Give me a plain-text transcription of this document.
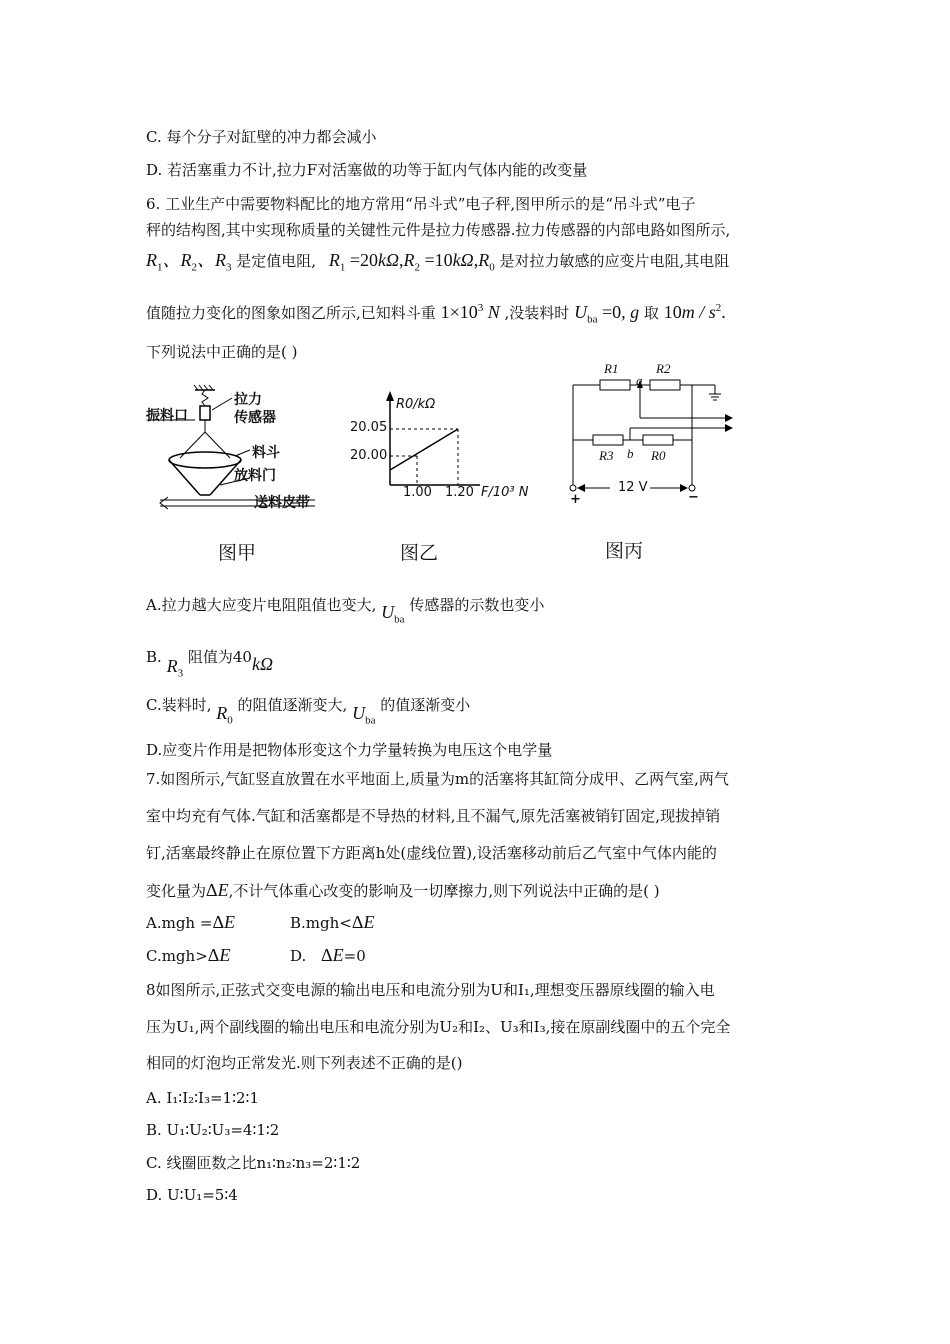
C. 每个分子对缸壁的冲力都会减小
D. 若活塞重力不计,拉力F对活塞做的功等于缸内气体内能的改变量
6. 工业生产中需要物料配比的地方常用“吊斗式”电子秤,图甲所示的是“吊斗式”电子
秤的结构图,其中实现称质量的关键性元件是拉力传感器.拉力传感器的内部电路如图所示,
$R_1$、$R_2$、$R_3$ 是定值电阻, $R_1 =20k\Omega,R_2 =10k\Omega,R_0$ 是对拉力敏感的应变片电阻,其电阻
值随拉力变化的图象如图乙所示,已知料斗重 $1\times 10^3$ N ,没装料时 $U_{ba} =0$, g 取 $10m / s^2$.
下列说法中正确的是( )
拉力
传感器
振料口
料斗
放料门
送料皮带
R0/kΩ
20.05
20.00
1.00 1.20 F/10³ N
R1	R2
a
R3 b R0
12 V
+	−
图甲	图乙	图丙
A.拉力越大应变片电阻阻值也变大, $U_{ba}$ 传感器的示数也变小
B. $R_3$ 阻值为40kΩ
C.装料时, $R_0$ 的阻值逐渐变大, $U_{ba}$ 的值逐渐变小
D.应变片作用是把物体形变这个力学量转换为电压这个电学量
7.如图所示,气缸竖直放置在水平地面上,质量为m的活塞将其缸筒分成甲、乙两气室,两气
室中均充有气体.气缸和活塞都是不导热的材料,且不漏气,原先活塞被销钉固定,现拔掉销
钉,活塞最终静止在原位置下方距离h处(虚线位置),设活塞移动前后乙气室中气体内能的
变化量为ΔE,不计气体重心改变的影响及一切摩擦力,则下列说法中正确的是( )
A.mgh =ΔE	B.mgh<ΔE
C.mgh>ΔE	D. ΔE=0
8如图所示,正弦式交变电源的输出电压和电流分别为U和I₁,理想变压器原线圈的输入电
压为U₁,两个副线圈的输出电压和电流分别为U₂和I₂、U₃和I₃,接在原副线圈中的五个完全
相同的灯泡均正常发光.则下列表述不正确的是()
A. I₁∶I₂∶I₃=1∶2∶1
B. U₁∶U₂∶U₃=4∶1∶2
C. 线圈匝数之比n₁∶n₂∶n₃=2∶1∶2
D. U∶U₁=5∶4
